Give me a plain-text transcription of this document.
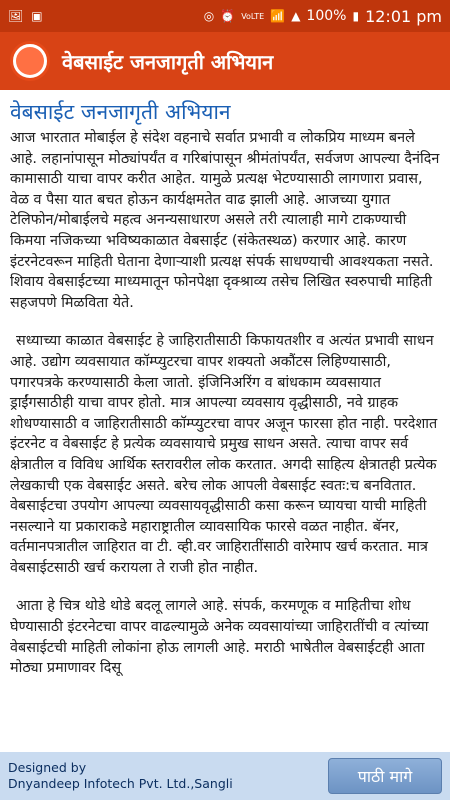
🖼 ▣	◎ ⏰ VoLTE 📶 ▲ 100% ▮ 12:01 pm
वेबसाईट जनजागृती अभियान
वेबसाईट जनजागृती अभियान

आज भारतात मोबाईल हे संदेश वहनाचे सर्वात प्रभावी व लोकप्रिय माध्यम बनले आहे. लहानांपासून मोठ्यांपर्यंत व गरिबांपासून श्रीमंतांपर्यंत, सर्वजण आपल्या दैनंदिन कामासाठी याचा वापर करीत आहेत. यामुळे प्रत्यक्ष भेटण्यासाठी लागणारा प्रवास, वेळ व पैसा यात बचत होऊन कार्यक्षमतेत वाढ झाली आहे. आजच्या युगात टेलिफोन/मोबाईलचे महत्व अनन्यसाधारण असले तरी त्यालाही मागे टाकण्याची किमया नजिकच्या भविष्यकाळात वेबसाईट (संकेतस्थळ) करणार आहे. कारण इंटरनेटवरून माहिती घेताना देणाऱ्याशी प्रत्यक्ष संपर्क साधण्याची आवश्यकता नसते. शिवाय वेबसाईटच्या माध्यमातून फोनपेक्षा दृक्श्राव्य तसेच लिखित स्वरुपाची माहिती सहजपणे मिळविता येते.

सध्याच्या काळात वेबसाईट हे जाहिरातीसाठी किफायतशीर व अत्यंत प्रभावी साधन आहे. उद्योग व्यवसायात कॉम्प्युटरचा वापर शक्यतो अकौंटस लिहिण्यासाठी, पगारपत्रके करण्यासाठी केला जातो. इंजिनिअरिंग व बांधकाम व्यवसायात ड्राईंगसाठीही याचा वापर होतो. मात्र आपल्या व्यवसाय वृद्धीसाठी, नवे ग्राहक शोधण्यासाठी व जाहिरातीसाठी कॉम्प्युटरचा वापर अजून फारसा होत नाही. परदेशात इंटरनेट व वेबसाईट हे प्रत्येक व्यवसायाचे प्रमुख साधन असते. त्याचा वापर सर्व क्षेत्रातील व विविध आर्थिक स्तरावरील लोक करतात. अगदी साहित्य क्षेत्रातही प्रत्येक लेखकाची एक वेबसाईट असते. बरेच लोक आपली वेबसाईट स्वतः:च बनवितात. वेबसाईटचा उपयोग आपल्या व्यवसायवृद्धीसाठी कसा करून घ्यायचा याची माहिती नसल्याने या प्रकाराकडे महाराष्ट्रातील व्यावसायिक फारसे वळत नाहीत. बॅनर, वर्तमानपत्रातील जाहिरात वा टी. व्ही.वर जाहिरातींसाठी वारेमाप खर्च करतात. मात्र वेबसाईटसाठी खर्च करायला ते राजी होत नाहीत.

आता हे चित्र थोडे थोडे बदलू लागले आहे. संपर्क, करमणूक व माहितीचा शोध घेण्यासाठी इंटरनेटचा वापर वाढल्यामुळे अनेक व्यवसायांच्या जाहिरातींची व त्यांच्या वेबसाईटची माहिती लोकांना होऊ लागली आहे. मराठी भाषेतील वेबसाईटही आता मोठ्या प्रमाणावर दिसू

Designed by
Dnyandeep Infotech Pvt. Ltd.,Sangli	पाठी मागे
